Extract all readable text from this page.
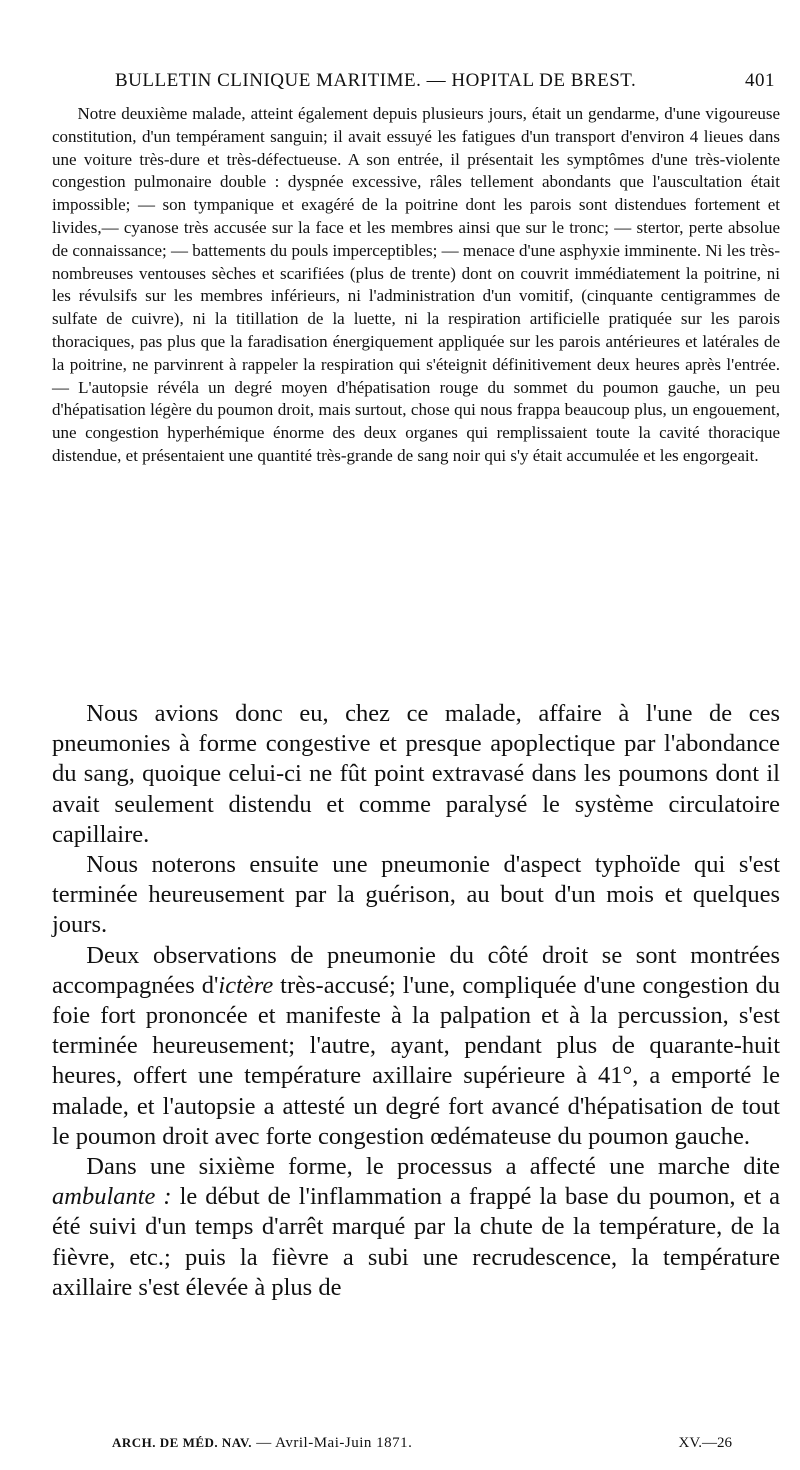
BULLETIN CLINIQUE MARITIME. — HOPITAL DE BREST.	401

Notre deuxième malade, atteint également depuis plusieurs jours, était un gendarme, d'une vigoureuse constitution, d'un tempérament sanguin; il avait essuyé les fatigues d'un transport d'environ 4 lieues dans une voiture très-dure et très-défectueuse. A son entrée, il présentait les symptômes d'une très-violente congestion pulmonaire double : dyspnée excessive, râles tellement abondants que l'auscultation était impossible; — son tympanique et exagéré de la poitrine dont les parois sont distendues fortement et livides,— cyanose très accusée sur la face et les membres ainsi que sur le tronc; — stertor, perte absolue de connaissance; — battements du pouls imperceptibles; — menace d'une asphyxie imminente. Ni les très-nombreuses ventouses sèches et scarifiées (plus de trente) dont on couvrit immédiatement la poitrine, ni les révulsifs sur les membres inférieurs, ni l'administration d'un vomitif, (cinquante centigrammes de sulfate de cuivre), ni la titillation de la luette, ni la respiration artificielle pratiquée sur les parois thoraciques, pas plus que la faradisation énergiquement appliquée sur les parois antérieures et latérales de la poitrine, ne parvinrent à rappeler la respiration qui s'éteignit définitivement deux heures après l'entrée. — L'autopsie révéla un degré moyen d'hépatisation rouge du sommet du poumon gauche, un peu d'hépatisation légère du poumon droit, mais surtout, chose qui nous frappa beaucoup plus, un engouement, une congestion hyperhémique énorme des deux organes qui remplissaient toute la cavité thoracique distendue, et présentaient une quantité très-grande de sang noir qui s'y était accumulée et les engorgeait.

Nous avions donc eu, chez ce malade, affaire à l'une de ces pneumonies à forme congestive et presque apoplectique par l'abondance du sang, quoique celui-ci ne fût point extravasé dans les poumons dont il avait seulement distendu et comme paralysé le système circulatoire capillaire.

Nous noterons ensuite une pneumonie d'aspect typhoïde qui s'est terminée heureusement par la guérison, au bout d'un mois et quelques jours.

Deux observations de pneumonie du côté droit se sont montrées accompagnées d'ictère très-accusé; l'une, compliquée d'une congestion du foie fort prononcée et manifeste à la palpation et à la percussion, s'est terminée heureusement; l'autre, ayant, pendant plus de quarante-huit heures, offert une température axillaire supérieure à 41°, a emporté le malade, et l'autopsie a attesté un degré fort avancé d'hépatisation de tout le poumon droit avec forte congestion œdémateuse du poumon gauche.

Dans une sixième forme, le processus a affecté une marche dite ambulante : le début de l'inflammation a frappé la base du poumon, et a été suivi d'un temps d'arrêt marqué par la chute de la température, de la fièvre, etc.; puis la fièvre a subi une recrudescence, la température axillaire s'est élevée à plus de

ARCH. DE MÉD. NAV. — Avril-Mai-Juin 1871.	XV.—26
